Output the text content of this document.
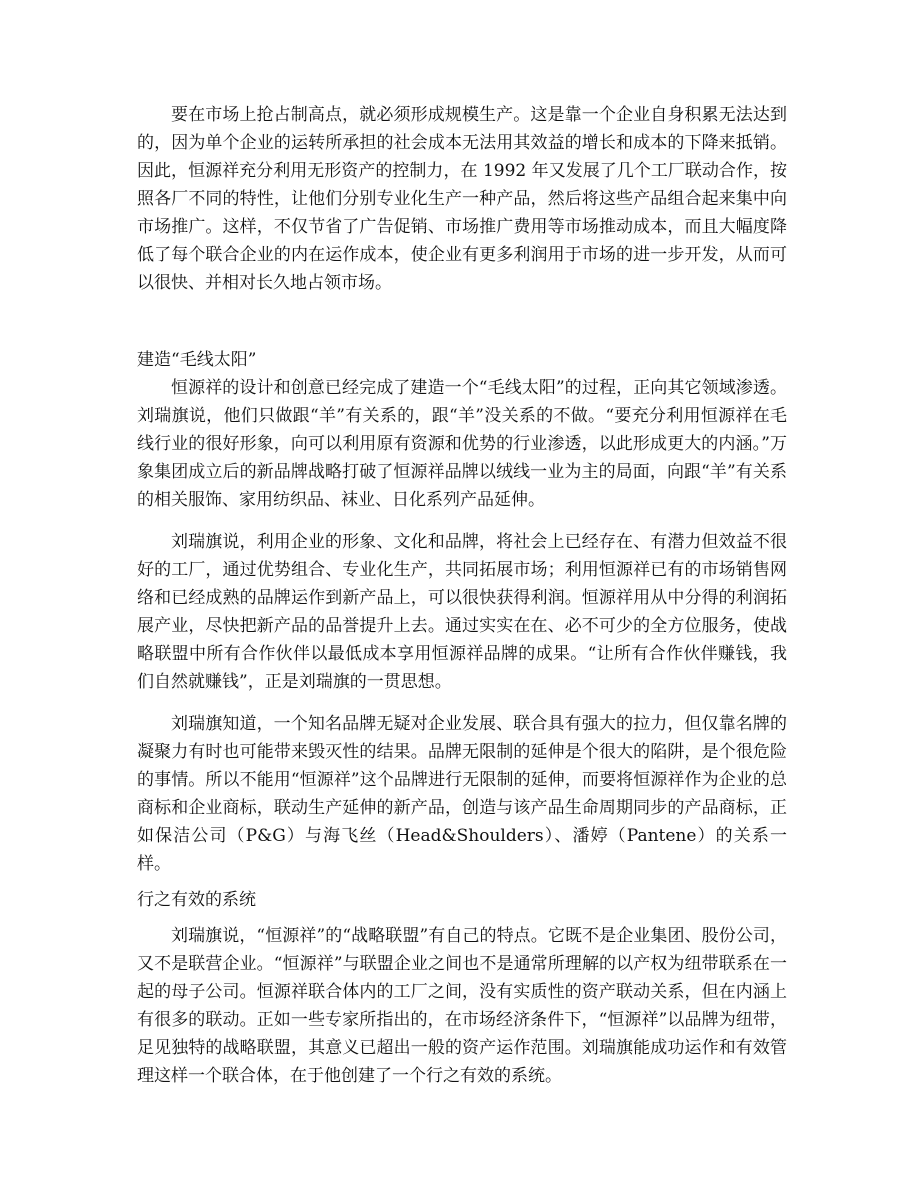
要在市场上抢占制高点，就必须形成规模生产。这是靠一个企业自身积累无法达到的，因为单个企业的运转所承担的社会成本无法用其效益的增长和成本的下降来抵销。因此，恒源祥充分利用无形资产的控制力，在 1992 年又发展了几个工厂联动合作，按照各厂不同的特性，让他们分别专业化生产一种产品，然后将这些产品组合起来集中向市场推广。这样，不仅节省了广告促销、市场推广费用等市场推动成本，而且大幅度降低了每个联合企业的内在运作成本，使企业有更多利润用于市场的进一步开发，从而可以很快、并相对长久地占领市场。

建造“毛线太阳”

恒源祥的设计和创意已经完成了建造一个“毛线太阳”的过程，正向其它领域渗透。刘瑞旗说，他们只做跟“羊”有关系的，跟“羊”没关系的不做。“要充分利用恒源祥在毛线行业的很好形象，向可以利用原有资源和优势的行业渗透，以此形成更大的内涵。”万象集团成立后的新品牌战略打破了恒源祥品牌以绒线一业为主的局面，向跟“羊”有关系的相关服饰、家用纺织品、袜业、日化系列产品延伸。

刘瑞旗说，利用企业的形象、文化和品牌，将社会上已经存在、有潜力但效益不很好的工厂，通过优势组合、专业化生产，共同拓展市场；利用恒源祥已有的市场销售网络和已经成熟的品牌运作到新产品上，可以很快获得利润。恒源祥用从中分得的利润拓展产业，尽快把新产品的品誉提升上去。通过实实在在、必不可少的全方位服务，使战略联盟中所有合作伙伴以最低成本享用恒源祥品牌的成果。“让所有合作伙伴赚钱，我们自然就赚钱”，正是刘瑞旗的一贯思想。

刘瑞旗知道，一个知名品牌无疑对企业发展、联合具有强大的拉力，但仅靠名牌的凝聚力有时也可能带来毁灭性的结果。品牌无限制的延伸是个很大的陷阱，是个很危险的事情。所以不能用“恒源祥”这个品牌进行无限制的延伸，而要将恒源祥作为企业的总商标和企业商标，联动生产延伸的新产品，创造与该产品生命周期同步的产品商标，正如保洁公司（P&G）与海飞丝（Head&Shoulders）、潘婷（Pantene）的关系一样。

行之有效的系统

刘瑞旗说，“恒源祥”的“战略联盟”有自己的特点。它既不是企业集团、股份公司，又不是联营企业。“恒源祥”与联盟企业之间也不是通常所理解的以产权为纽带联系在一起的母子公司。恒源祥联合体内的工厂之间，没有实质性的资产联动关系，但在内涵上有很多的联动。正如一些专家所指出的，在市场经济条件下，“恒源祥”以品牌为纽带，足见独特的战略联盟，其意义已超出一般的资产运作范围。刘瑞旗能成功运作和有效管理这样一个联合体，在于他创建了一个行之有效的系统。
